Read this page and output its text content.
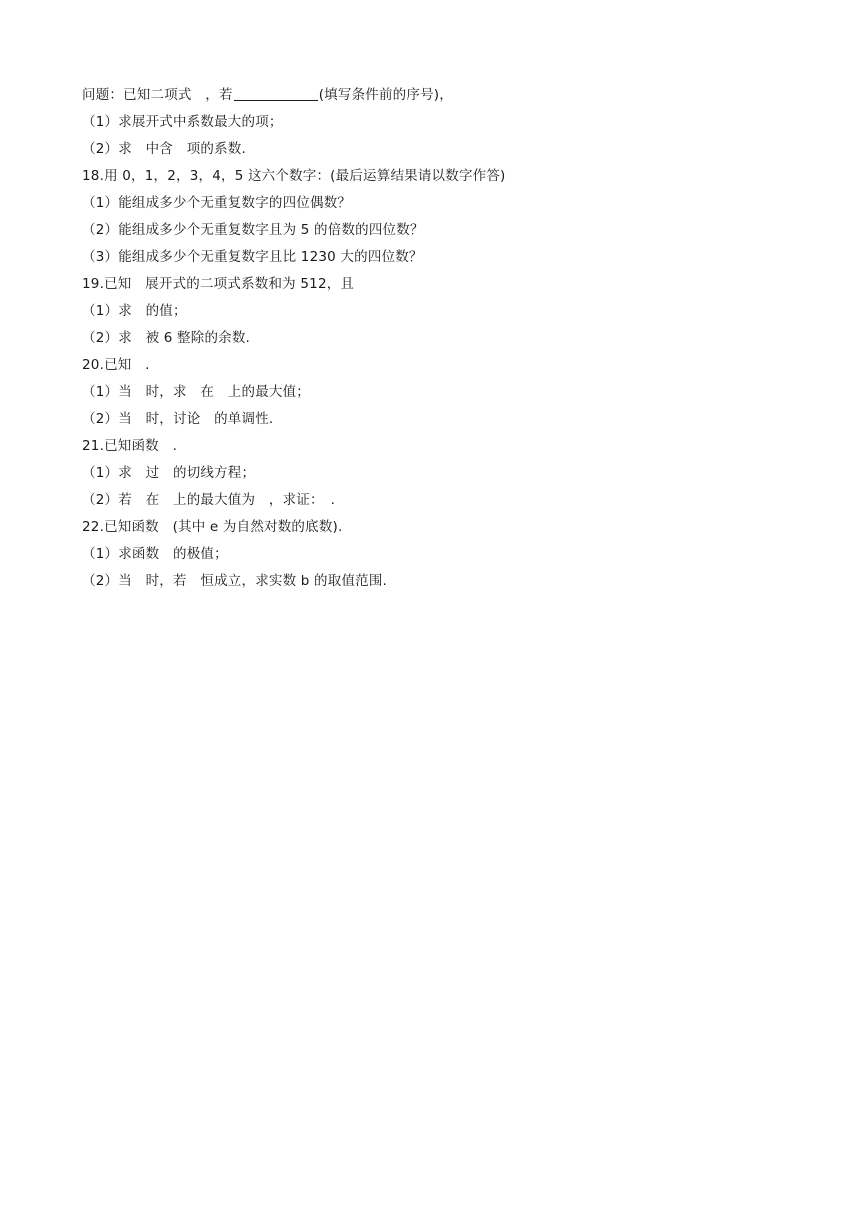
问题：已知二项式　，若	(填写条件前的序号)，
（1）求展开式中系数最大的项；
（2）求　中含　项的系数.
18.用 0，1，2，3，4，5 这六个数字：(最后运算结果请以数字作答)
（1）能组成多少个无重复数字的四位偶数？
（2）能组成多少个无重复数字且为 5 的倍数的四位数？
（3）能组成多少个无重复数字且比 1230 大的四位数？
19.已知　展开式的二项式系数和为 512，且
（1）求　的值；
（2）求　被 6 整除的余数.
20.已知　.
（1）当　时，求　在　上的最大值；
（2）当　时，讨论　的单调性.
21.已知函数　.
（1）求　过　的切线方程；
（2）若　在　上的最大值为　，求证：　.
22.已知函数　(其中 e 为自然对数的底数).
（1）求函数　的极值；
（2）当　时，若　恒成立，求实数 b 的取值范围.
